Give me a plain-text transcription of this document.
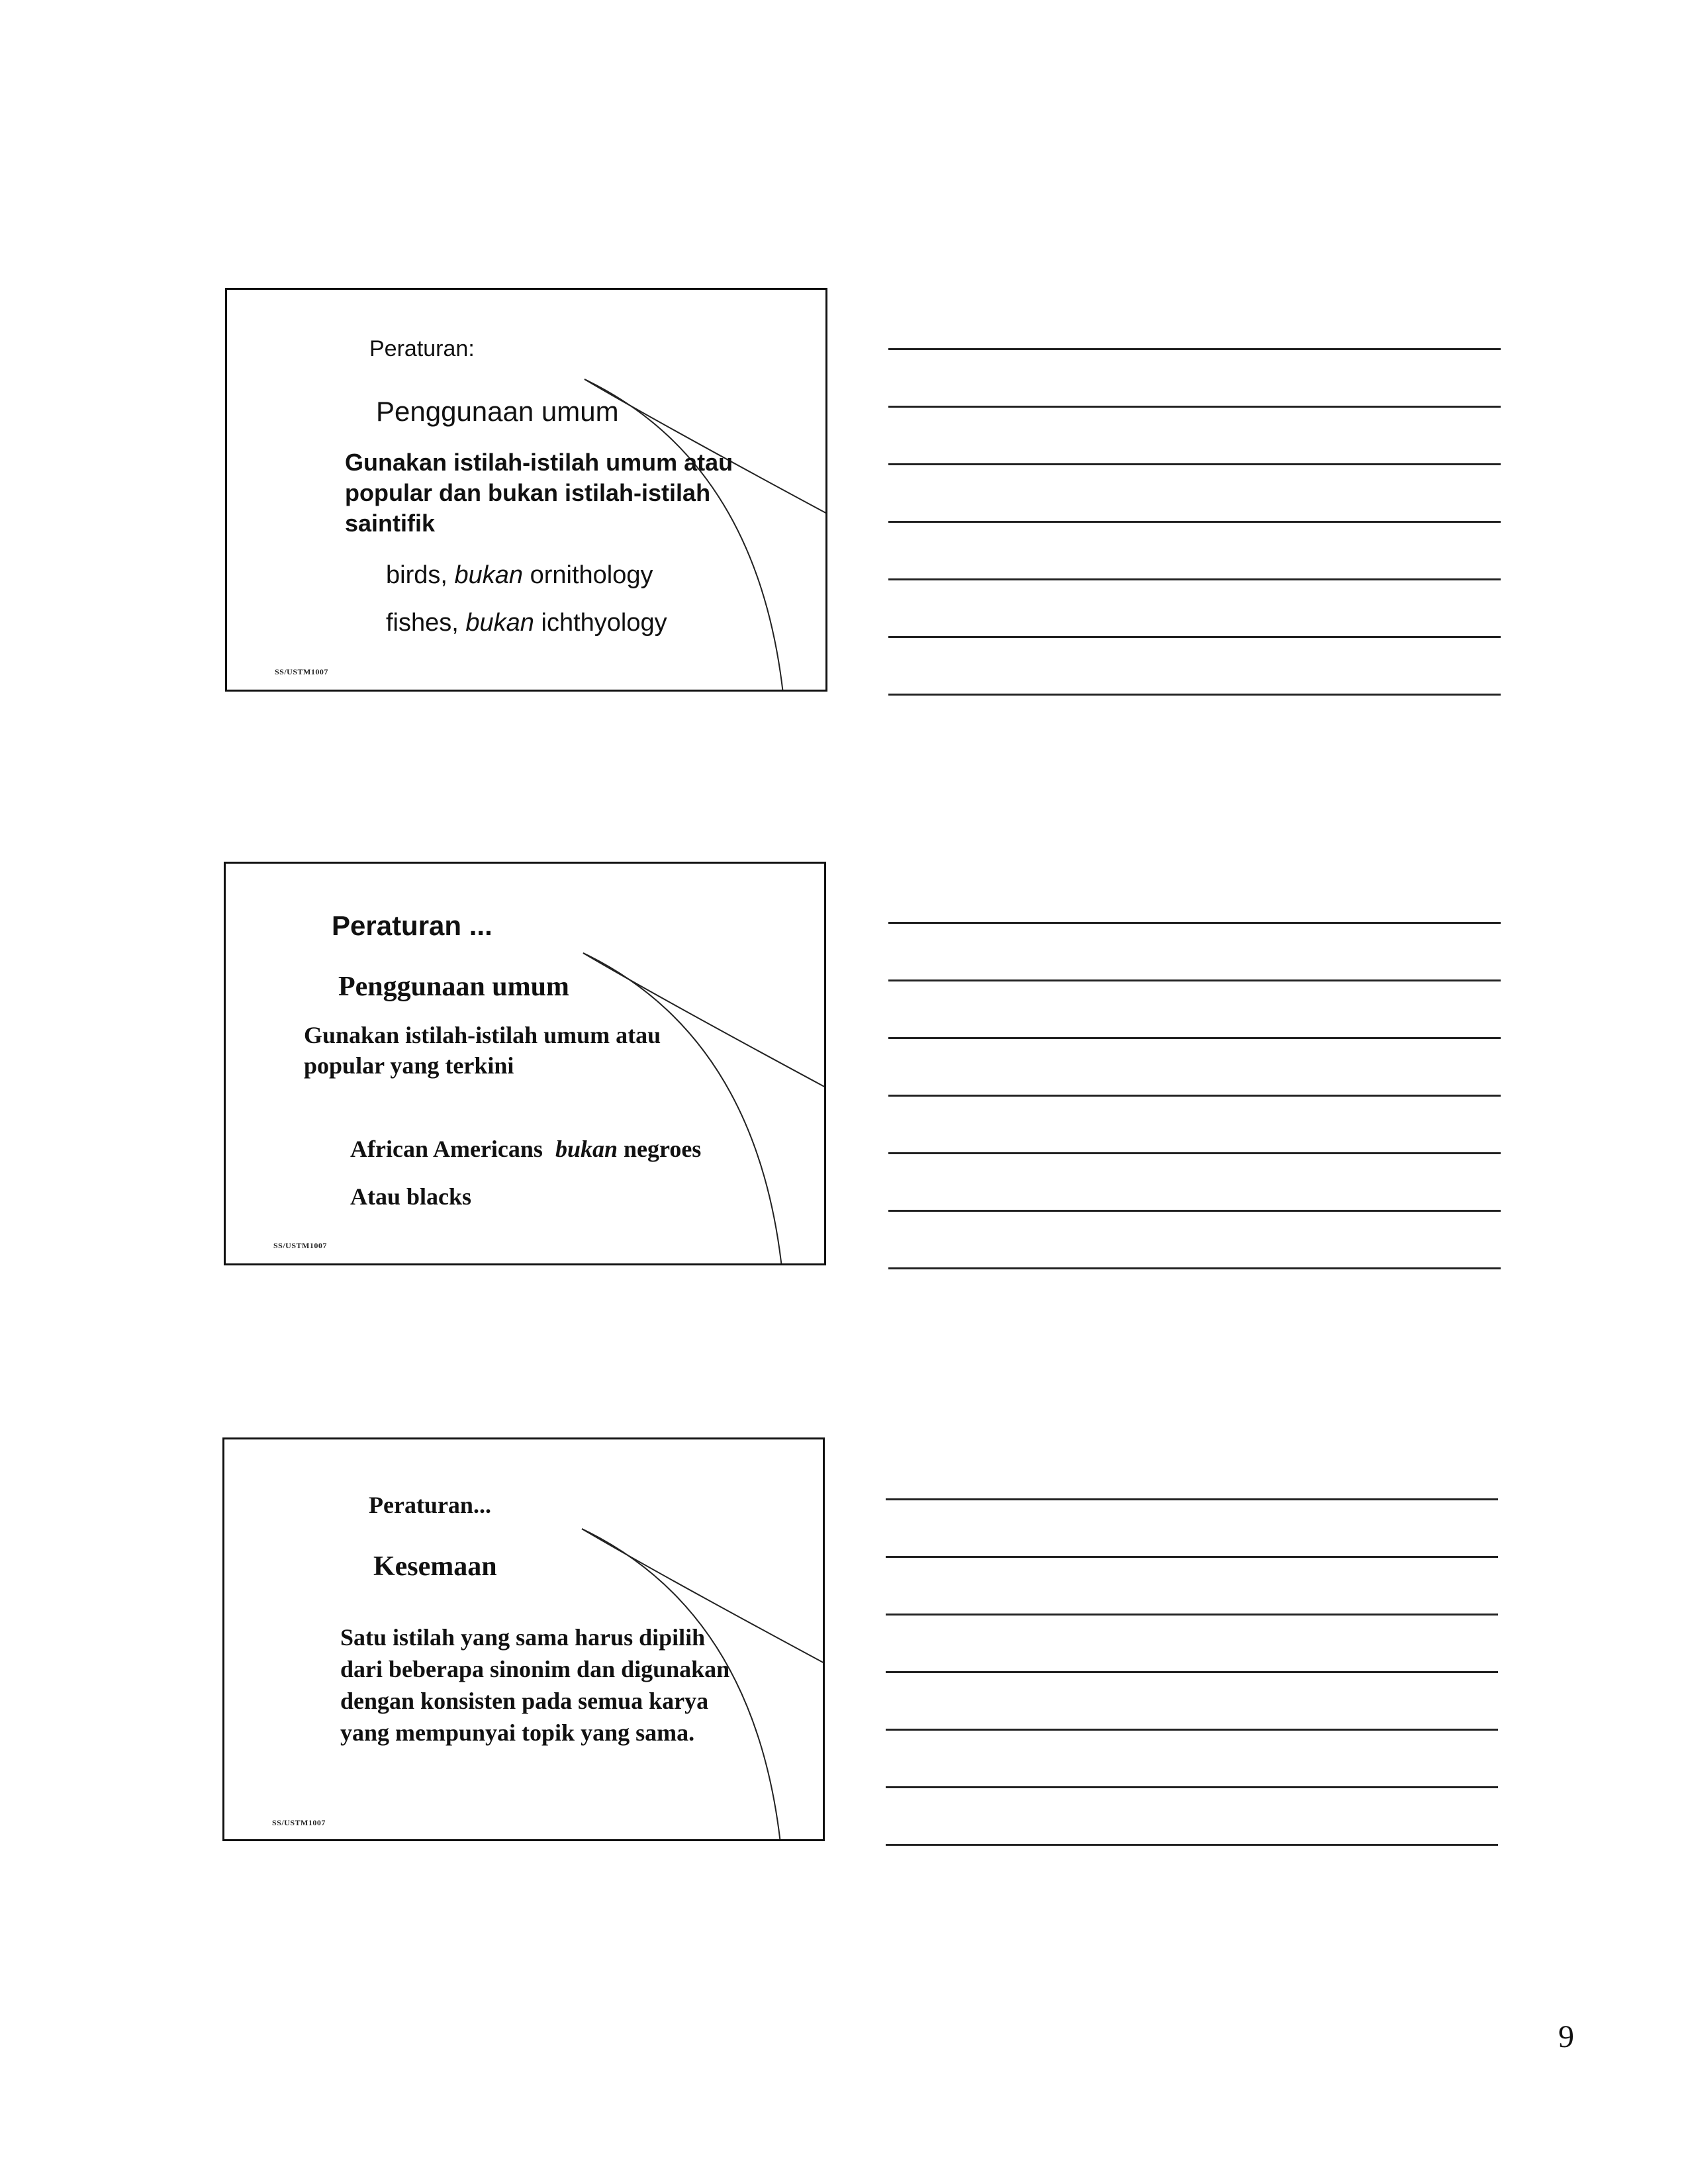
Peraturan:
Penggunaan umum
Gunakan istilah-istilah umum atau
popular dan bukan istilah-istilah
saintifik
birds, bukan ornithology
fishes, bukan ichthyology
SS/USTM1007
Peraturan ...
Penggunaan umum
Gunakan istilah-istilah umum atau
popular yang terkini
African Americans bukan negroes
Atau blacks
SS/USTM1007
Peraturan...
Kesemaan
Satu istilah yang sama harus dipilih
dari beberapa sinonim dan digunakan
dengan konsisten pada semua karya
yang mempunyai topik yang sama.
SS/USTM1007
9
